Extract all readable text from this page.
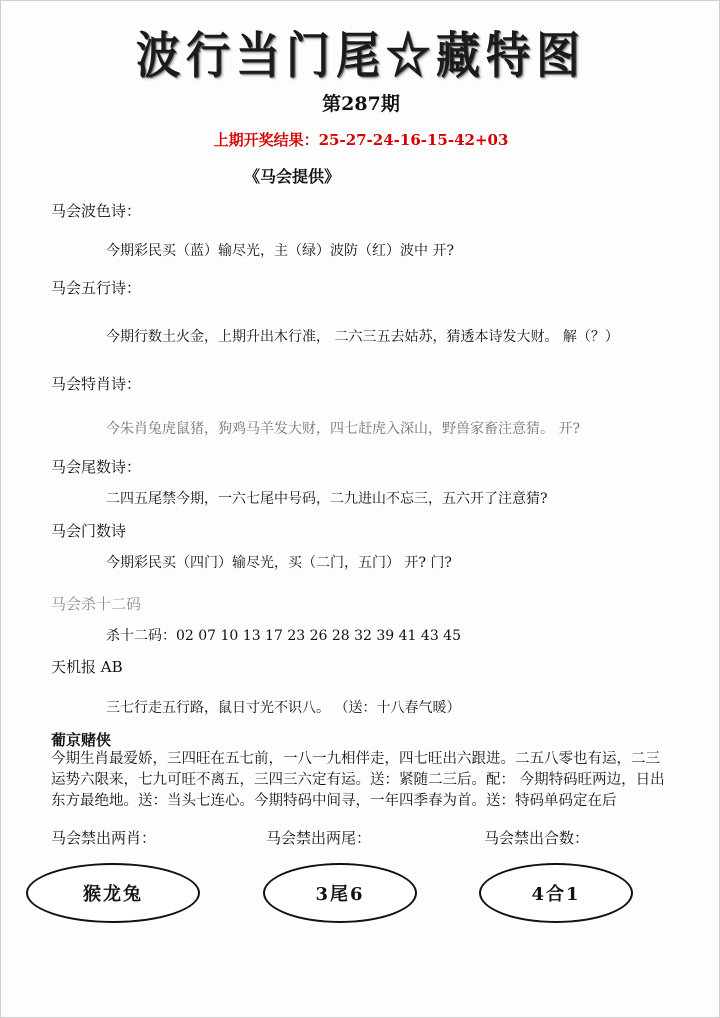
波行当门尾☆藏特图
第287期
上期开奖结果：25-27-24-16-15-42+03
《马会提供》
马会波色诗：
今期彩民买（蓝）输尽光，主（绿）波防（红）波中 开?
马会五行诗：
今期行数土火金，上期升出木行准， 二六三五去姑苏，猜透本诗发大财。 解（？）
马会特肖诗：
今朱肖兔虎鼠猪，狗鸡马羊发大财，四七赶虎入深山，野兽家畜注意猜。 开?
马会尾数诗：
二四五尾禁今期，一六七尾中号码，二九进山不忘三，五六开了注意猜?
马会门数诗
今期彩民买（四门）输尽光，买（二门，五门） 开? 门?
马会杀十二码
杀十二码：02 07 10 13 17 23 26 28 32 39 41 43 45
天机报 AB
三七行走五行路，鼠日寸光不识八。 （送：十八春气暖）
葡京赌侠
今期生肖最爱娇，三四旺在五七前，一八一九相伴走，四七旺出六跟进。二五八零也有运，二三运势六限来，七九可旺不离五，三四三六定有运。送：紧随二三后。配： 今期特码旺两边，日出东方最绝地。送：当头七连心。今期特码中间寻，一年四季春为首。送：特码单码定在后
马会禁出两肖：	马会禁出两尾：	马会禁出合数：
猴龙兔	3尾6	4合1
